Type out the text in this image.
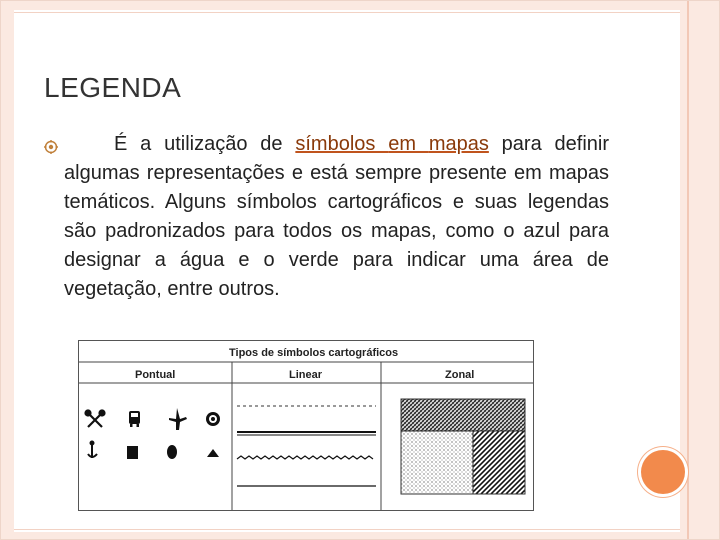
LEGENDA
É a utilização de símbolos em mapas para definir algumas representações e está sempre presente em mapas temáticos. Alguns símbolos cartográficos e suas legendas são padronizados para todos os mapas, como o azul para designar a água e o verde para indicar uma área de vegetação, entre outros.
Tipos de símbolos cartográficos
Pontual	Linear	Zonal
